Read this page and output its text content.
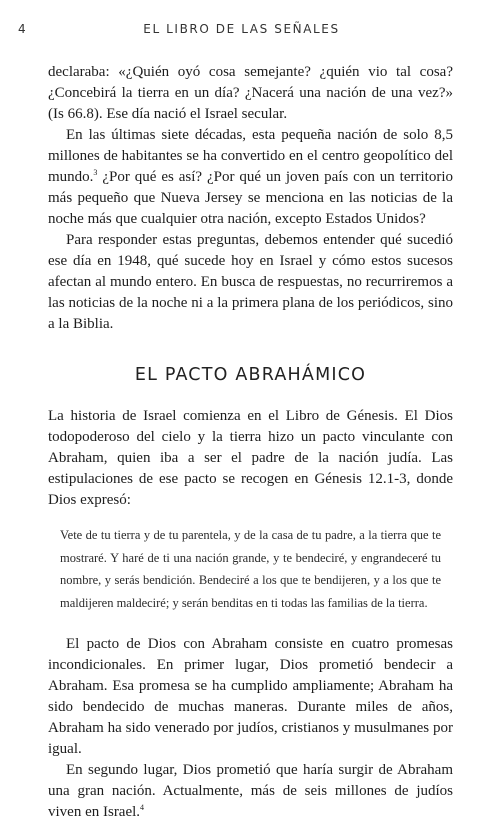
4	EL LIBRO DE LAS SEÑALES

declaraba: «¿Quién oyó cosa semejante? ¿quién vio tal cosa? ¿Concebirá la tierra en un día? ¿Nacerá una nación de una vez?» (Is 66.8). Ese día nació el Israel secular.

En las últimas siete décadas, esta pequeña nación de solo 8,5 millones de habitantes se ha convertido en el centro geopolítico del mundo.$^3$ ¿Por qué es así? ¿Por qué un joven país con un territorio más pequeño que Nueva Jersey se menciona en las noticias de la noche más que cualquier otra nación, excepto Estados Unidos?

Para responder estas preguntas, debemos entender qué sucedió ese día en 1948, qué sucede hoy en Israel y cómo estos sucesos afectan al mundo entero. En busca de respuestas, no recurriremos a las noticias de la noche ni a la primera plana de los periódicos, sino a la Biblia.

EL PACTO ABRAHÁMICO

La historia de Israel comienza en el Libro de Génesis. El Dios todopoderoso del cielo y la tierra hizo un pacto vinculante con Abraham, quien iba a ser el padre de la nación judía. Las estipulaciones de ese pacto se recogen en Génesis 12.1-3, donde Dios expresó:

Vete de tu tierra y de tu parentela, y de la casa de tu padre, a la tierra que te mostraré. Y haré de ti una nación grande, y te bendeciré, y engrandeceré tu nombre, y serás bendición. Bendeciré a los que te bendijeren, y a los que te maldijeren maldeciré; y serán benditas en ti todas las familias de la tierra.

El pacto de Dios con Abraham consiste en cuatro promesas incondicionales. En primer lugar, Dios prometió bendecir a Abraham. Esa promesa se ha cumplido ampliamente; Abraham ha sido bendecido de muchas maneras. Durante miles de años, Abraham ha sido venerado por judíos, cristianos y musulmanes por igual.

En segundo lugar, Dios prometió que haría surgir de Abraham una gran nación. Actualmente, más de seis millones de judíos viven en Israel.$^4$
